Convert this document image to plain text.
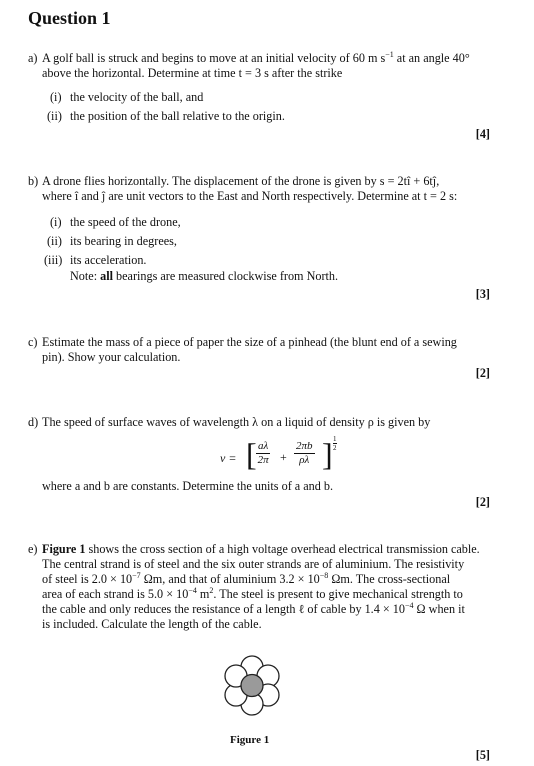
Question 1
a) A golf ball is struck and begins to move at an initial velocity of 60 m $s^{-1}$ at an angle 40°
above the horizontal. Determine at time t = 3 s after the strike
(i) the velocity of the ball, and
(ii) the position of the ball relative to the origin.
[4]
b) A drone flies horizontally. The displacement of the drone is given by s = 2tî + 6tĵ,
where î and ĵ are unit vectors to the East and North respectively. Determine at t = 2 s:
(i) the speed of the drone,
(ii) its bearing in degrees,
(iii) its acceleration.
Note: all bearings are measured clockwise from North.
[3]
c) Estimate the mass of a piece of paper the size of a pinhead (the blunt end of a sewing
pin). Show your calculation.
[2]
d) The speed of surface waves of wavelength λ on a liquid of density ρ is given by
v = [ $\frac{a\lambda}{2\pi} + \frac{2\pi b}{\rho\lambda}$ ] $\frac{1}{2}$
where a and b are constants. Determine the units of a and b.
[2]
e) Figure 1 shows the cross section of a high voltage overhead electrical transmission cable.
The central strand is of steel and the six outer strands are of aluminium. The resistivity
of steel is $2.0 \times 10^{-7}$ Ωm, and that of aluminium $3.2 \times 10^{-8}$ Ωm. The cross-sectional
area of each strand is $5.0 \times 10^{-4}$ $m^2$. The steel is present to give mechanical strength to
the cable and only reduces the resistance of a length ℓ of cable by $1.4 \times 10^{-4}$ Ω when it
is included. Calculate the length of the cable.
Figure 1
[5]
